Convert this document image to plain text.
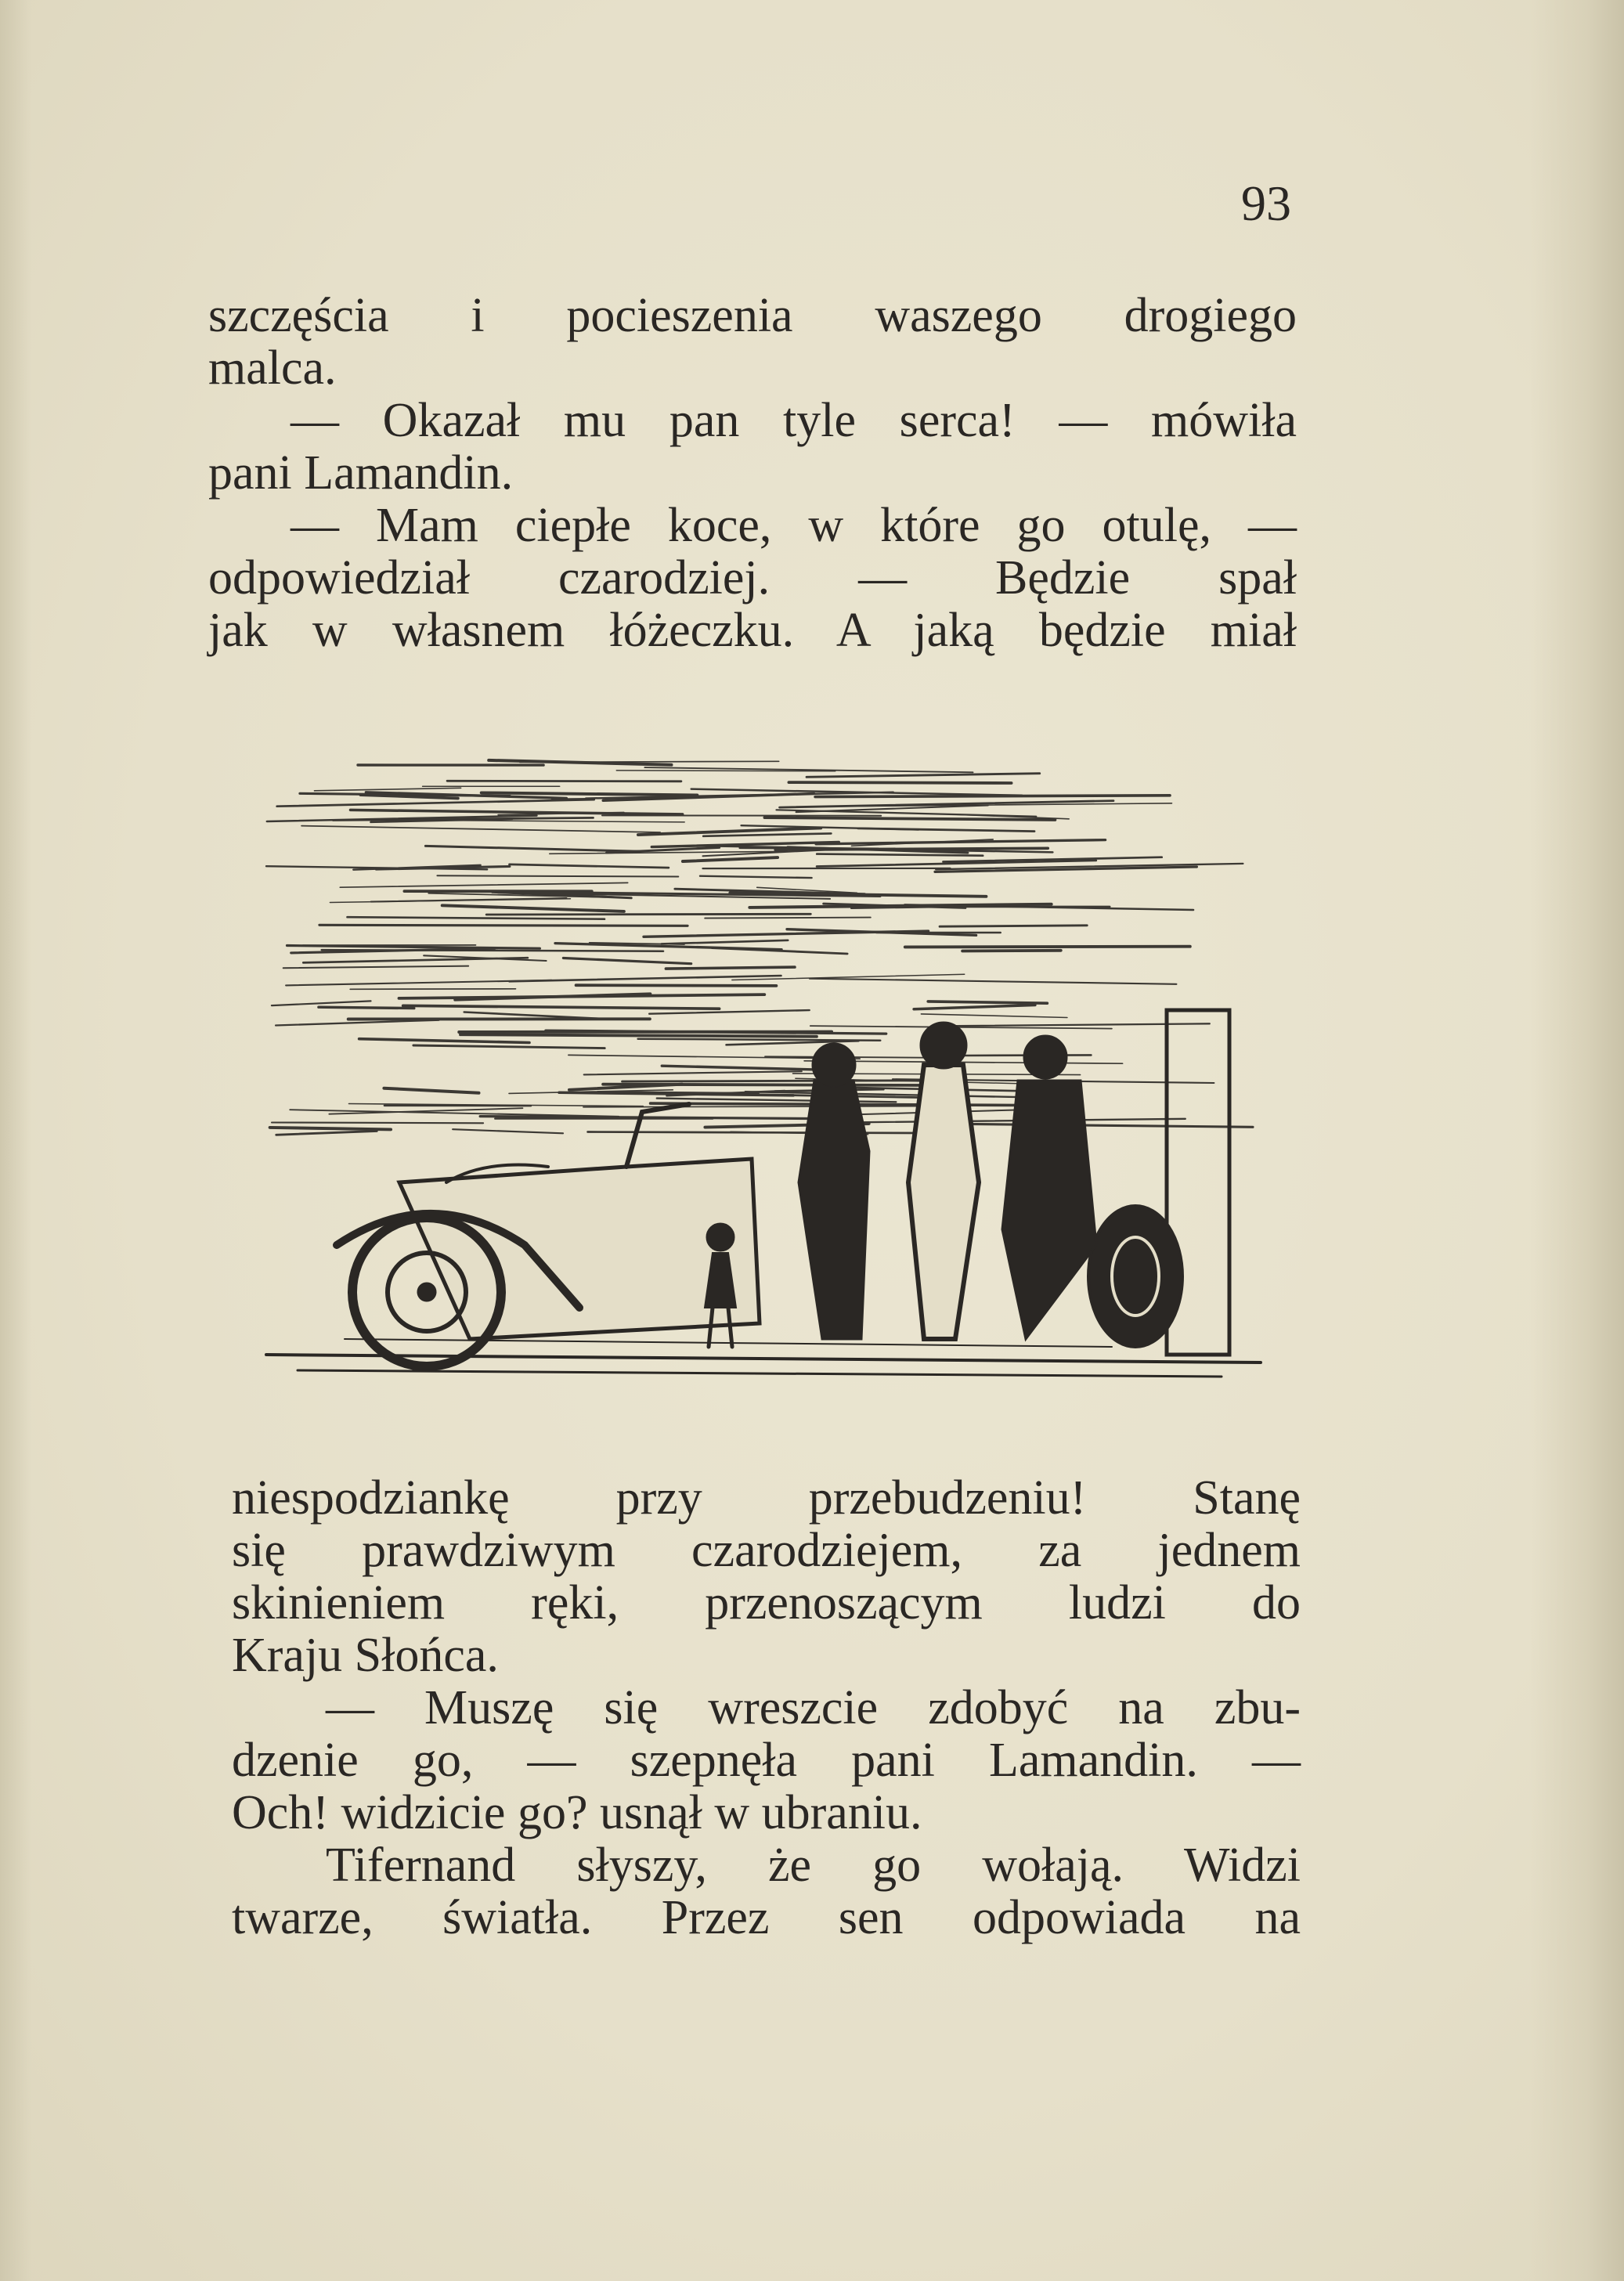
93
szczęścia i pocieszenia waszego drogiego
malca.
— Okazał mu pan tyle serca! — mówiła
pani Lamandin.
— Mam ciepłe koce, w które go otulę, —
odpowiedział czarodziej. — Będzie spał
jak w własnem łóżeczku. A jaką będzie miał
niespodziankę przy przebudzeniu! Stanę
się prawdziwym czarodziejem, za jednem
skinieniem ręki, przenoszącym ludzi do
Kraju Słońca.
— Muszę się wreszcie zdobyć na zbu-
dzenie go, — szepnęła pani Lamandin. —
Och! widzicie go? usnął w ubraniu.
Tifernand słyszy, że go wołają. Widzi
twarze, światła. Przez sen odpowiada na
